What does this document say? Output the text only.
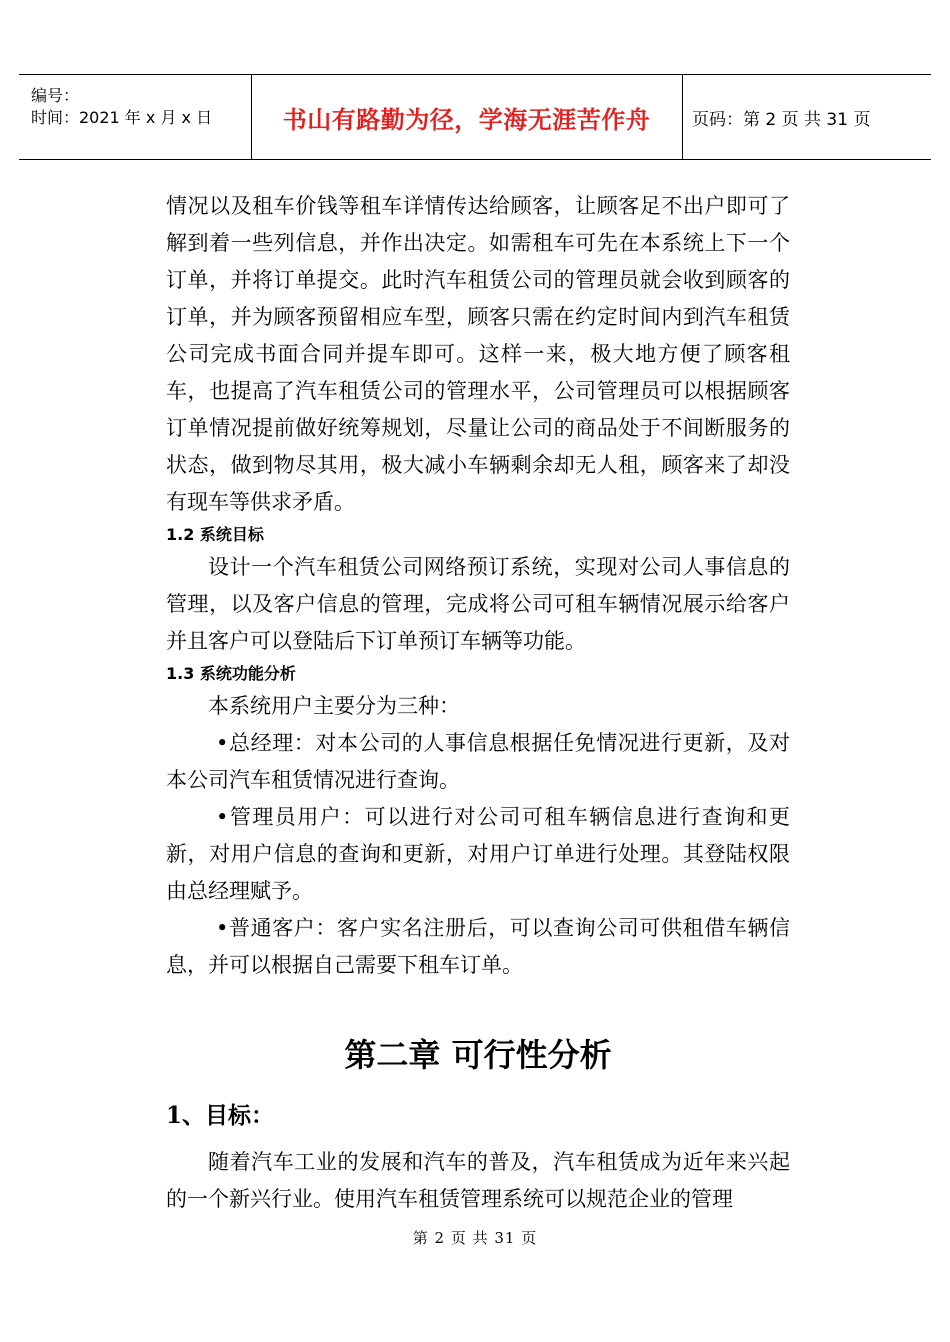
编号：
时间：2021 年 x 月 x 日	书山有路勤为径，学海无涯苦作舟 页码：第 2 页 共 31 页

情况以及租车价钱等租车详情传达给顾客，让顾客足不出户即可了解到着一些列信息，并作出决定。如需租车可先在本系统上下一个订单，并将订单提交。此时汽车租赁公司的管理员就会收到顾客的订单，并为顾客预留相应车型，顾客只需在约定时间内到汽车租赁公司完成书面合同并提车即可。这样一来，极大地方便了顾客租车，也提高了汽车租赁公司的管理水平，公司管理员可以根据顾客订单情况提前做好统筹规划，尽量让公司的商品处于不间断服务的状态，做到物尽其用，极大减小车辆剩余却无人租，顾客来了却没有现车等供求矛盾。

1.2 系统目标

设计一个汽车租赁公司网络预订系统，实现对公司人事信息的管理，以及客户信息的管理，完成将公司可租车辆情况展示给客户并且客户可以登陆后下订单预订车辆等功能。

1.3 系统功能分析

本系统用户主要分为三种：

•总经理：对本公司的人事信息根据任免情况进行更新，及对本公司汽车租赁情况进行查询。

•管理员用户：可以进行对公司可租车辆信息进行查询和更新，对用户信息的查询和更新，对用户订单进行处理。其登陆权限由总经理赋予。

•普通客户：客户实名注册后，可以查询公司可供租借车辆信息，并可以根据自己需要下租车订单。

第二章 可行性分析
1、目标：

随着汽车工业的发展和汽车的普及，汽车租赁成为近年来兴起的一个新兴行业。使用汽车租赁管理系统可以规范企业的管理

第 2 页 共 31 页
